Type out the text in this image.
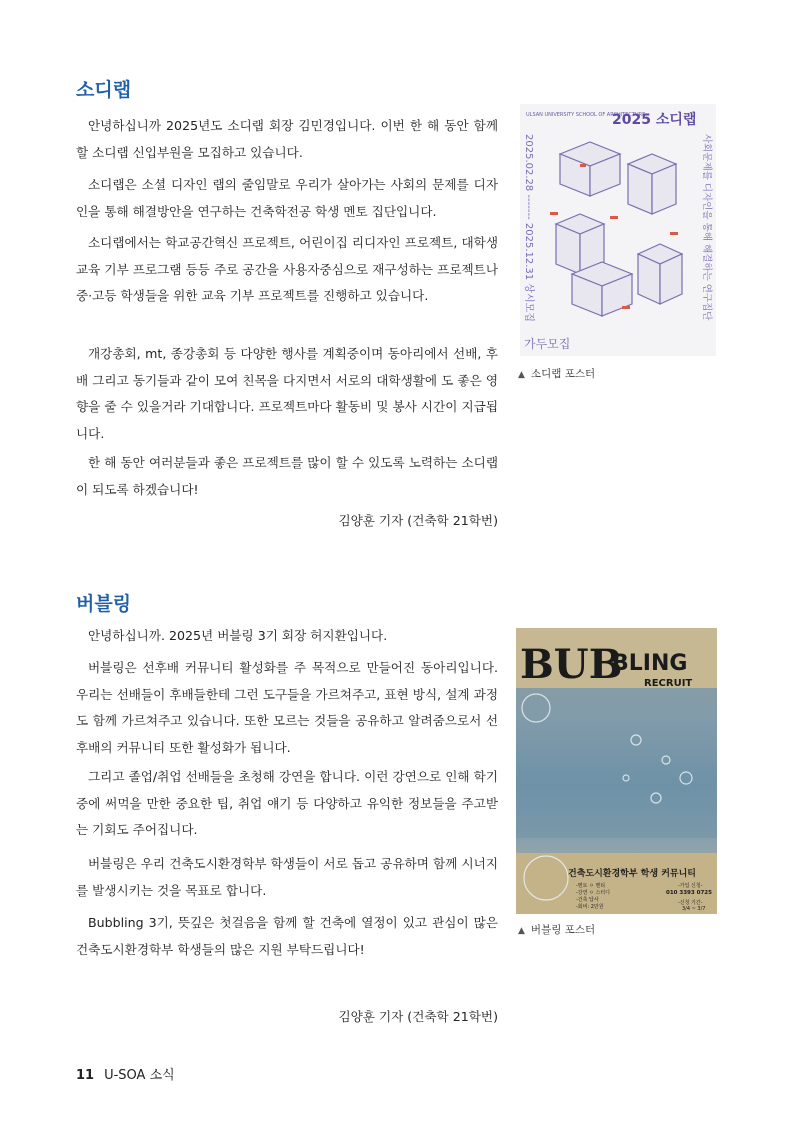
소디랩

안녕하십니까 2025년도 소디랩 회장 김민경입니다. 이번 한 해 동안 함께할 소디랩 신입부원을 모집하고 있습니다.

소디랩은 소셜 디자인 랩의 줄임말로 우리가 살아가는 사회의 문제를 디자인을 통해 해결방안을 연구하는 건축학전공 학생 멘토 집단입니다.

소디랩에서는 학교공간혁신 프로젝트, 어린이집 리디자인 프로젝트, 대학생 교육 기부 프로그램 등등 주로 공간을 사용자중심으로 재구성하는 프로젝트나 중·고등 학생들을 위한 교육 기부 프로젝트를 진행하고 있습니다.

개강총회, mt, 종강총회 등 다양한 행사를 계획중이며 동아리에서 선배, 후배 그리고 동기들과 같이 모여 친목을 다지면서 서로의 대학생활에 도 좋은 영향을 줄 수 있을거라 기대합니다. 프로젝트마다 활동비 및 봉사 시간이 지급됩니다.

한 해 동안 여러분들과 좋은 프로젝트를 많이 할 수 있도록 노력하는 소디랩이 되도록 하겠습니다!

김양훈 기자 (건축학 21학번)
ULSAN UNIVERSITY SCHOOL OF ARCHITECTURE
2025 소디랩
2025.02.28 ------- 2025.12.31 상시모집	사회문제를 디자인을 통해 해결하는 연구집단
가두모집
▲ 소디랩 포스터
버블링

안녕하십니까. 2025년 버블링 3기 회장 허지환입니다.

버블링은 선후배 커뮤니티 활성화를 주 목적으로 만들어진 동아리입니다. 우리는 선배들이 후배들한테 그런 도구들을 가르쳐주고, 표현 방식, 설계 과정도 함께 가르쳐주고 있습니다. 또한 모르는 것들을 공유하고 알려줌으로서 선후배의 커뮤니티 또한 활성화가 됩니다.

그리고 졸업/취업 선배들을 초청해 강연을 합니다. 이런 강연으로 인해 학기 중에 써먹을 만한 중요한 팁, 취업 얘기 등 다양하고 유익한 정보들을 주고받는 기회도 주어집니다.

버블링은 우리 건축도시환경학부 학생들이 서로 돕고 공유하며 함께 시너지를 발생시키는 것을 목표로 합니다.

Bubbling 3기, 뜻깊은 첫걸음을 함께 할 건축에 열정이 있고 관심이 많은 건축도시환경학부 학생들의 많은 지원 부탁드립니다!

김양훈 기자 (건축학 21학번)
BUB
BLING
RECRUIT
건축도시환경학부 학생 커뮤니티
-멘토 ㅇ 멘티
-강연 ㅇ 스터디
-건축 답사
-회비: 2만원
-가입 신청-
010 3393 0725
-신청 기간-
3/4 ~ 3/7
▲ 버블링 포스터
11 U-SOA 소식
